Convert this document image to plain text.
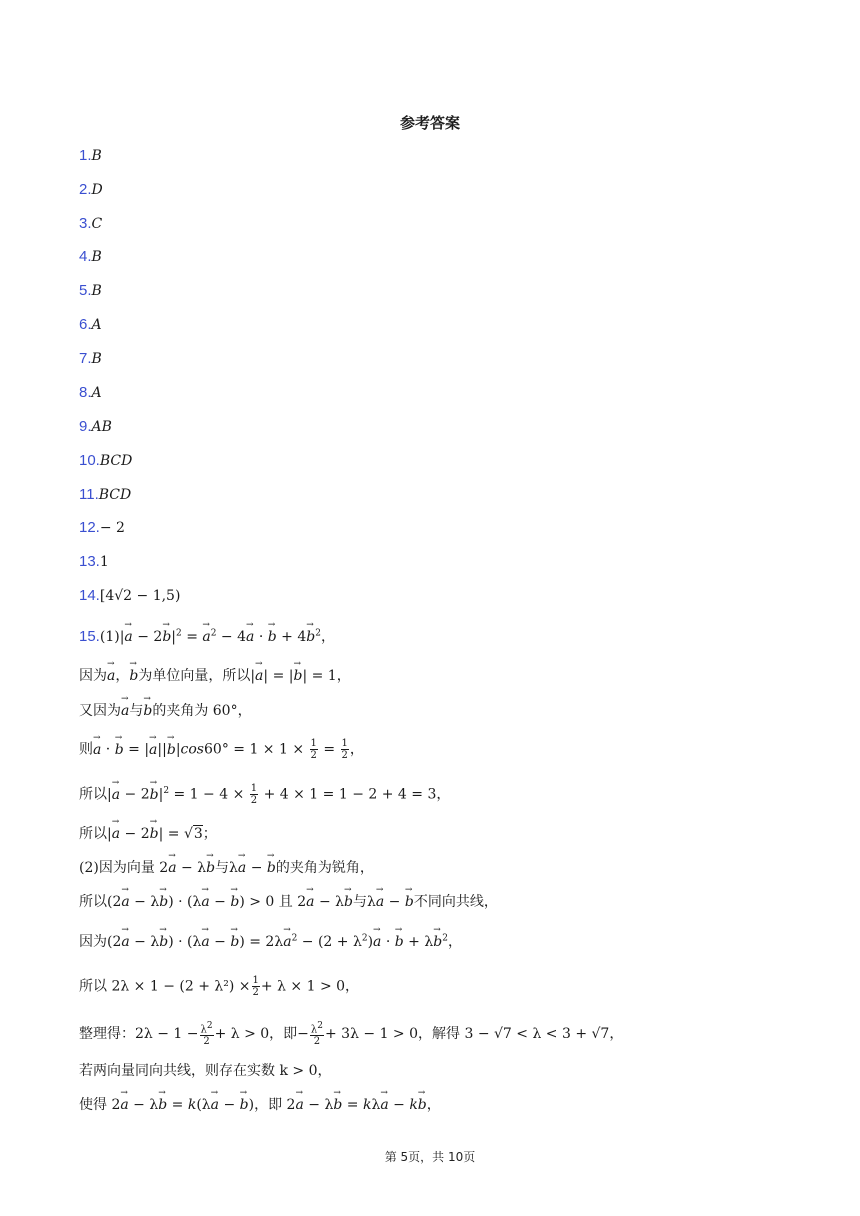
参考答案
1.B
2.D
3.C
4.B
5.B
6.A
7.B
8.A
9.AB
10.BCD
11.BCD
12.− 2
13.1
14.[4√2 − 1,5)
$15.(1)|\to a - 2\to b|^2$ = → $a^2 - 4\to a$ · → $b + 4\to b^2$，
因为→ a，→ b为单位向量，所以|→ a| = |→ b| = 1，
又因为→ a与→ b的夹角为 60°，
则→ a · → b = |→ $a||\to b|\cos 60^\circ = 1 \times 1 \times \frac{1}{2} = \frac{1}{2}$ ，
所以|→ $a - 2\to b|^2 = 1 - 4 \times \frac{1}{2} + 4 \times 1 = 1 - 2 + 4 = 3$，
所以|→ a − 2→ b| = √3；
(2)因为向量 2→ a − λ→ b与λ→ a − → b的夹角为锐角，
所以(2→ a − λ→ b) · (λ→ a − → b) > 0 且 2→ a − λ→ b与λ→ a − → b不同向共线，
因为(2→ a − λ→ b) · (λ→ a − → $b) = 2\lambda\to a^2 - (2 + \lambda^2)\to a$ · → $b + \lambda\to b^2$，
所以 $2\lambda \times 1 - (2 + \lambda^2) \times \frac{1}{2} + \lambda \times 1 > 0$，
整理得：$2\lambda - 1 - \frac{\lambda^2}{2} + \lambda > 0$，即− $\frac{\lambda^2}{2} + 3\lambda - 1 > 0$，解得 3 − √7 < λ < 3 + √7，
若两向量同向共线，则存在实数 k > 0，
使得 2→ a − λ→ b = k(λ→ a − → b)，即 2→ a − λ→ b = kλ→ a − k→ b，
第 5页，共 10页
